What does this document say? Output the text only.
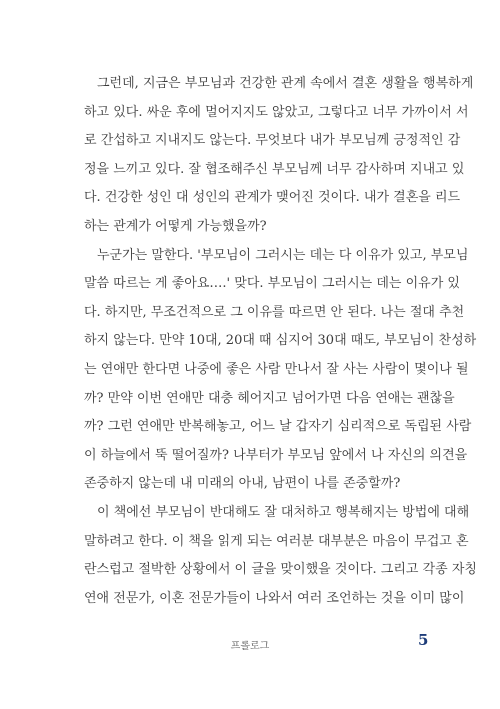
그런데, 지금은 부모님과 건강한 관계 속에서 결혼 생활을 행복하게
하고 있다. 싸운 후에 멀어지지도 않았고, 그렇다고 너무 가까이서 서
로 간섭하고 지내지도 않는다. 무엇보다 내가 부모님께 긍정적인 감
정을 느끼고 있다. 잘 협조해주신 부모님께 너무 감사하며 지내고 있
다. 건강한 성인 대 성인의 관계가 맺어진 것이다. 내가 결혼을 리드
하는 관계가 어떻게 가능했을까?
누군가는 말한다. '부모님이 그러시는 데는 다 이유가 있고, 부모님
말씀 따르는 게 좋아요….' 맞다. 부모님이 그러시는 데는 이유가 있
다. 하지만, 무조건적으로 그 이유를 따르면 안 된다. 나는 절대 추천
하지 않는다. 만약 10대, 20대 때 심지어 30대 때도, 부모님이 찬성하
는 연애만 한다면 나중에 좋은 사람 만나서 잘 사는 사람이 몇이나 될
까? 만약 이번 연애만 대충 헤어지고 넘어가면 다음 연애는 괜찮을
까? 그런 연애만 반복해놓고, 어느 날 갑자기 심리적으로 독립된 사람
이 하늘에서 뚝 떨어질까? 나부터가 부모님 앞에서 나 자신의 의견을
존중하지 않는데 내 미래의 아내, 남편이 나를 존중할까?
이 책에선 부모님이 반대해도 잘 대처하고 행복해지는 방법에 대해
말하려고 한다. 이 책을 읽게 되는 여러분 대부분은 마음이 무겁고 혼
란스럽고 절박한 상황에서 이 글을 맞이했을 것이다. 그리고 각종 자칭
연애 전문가, 이혼 전문가들이 나와서 여러 조언하는 것을 이미 많이
프롤로그	5
